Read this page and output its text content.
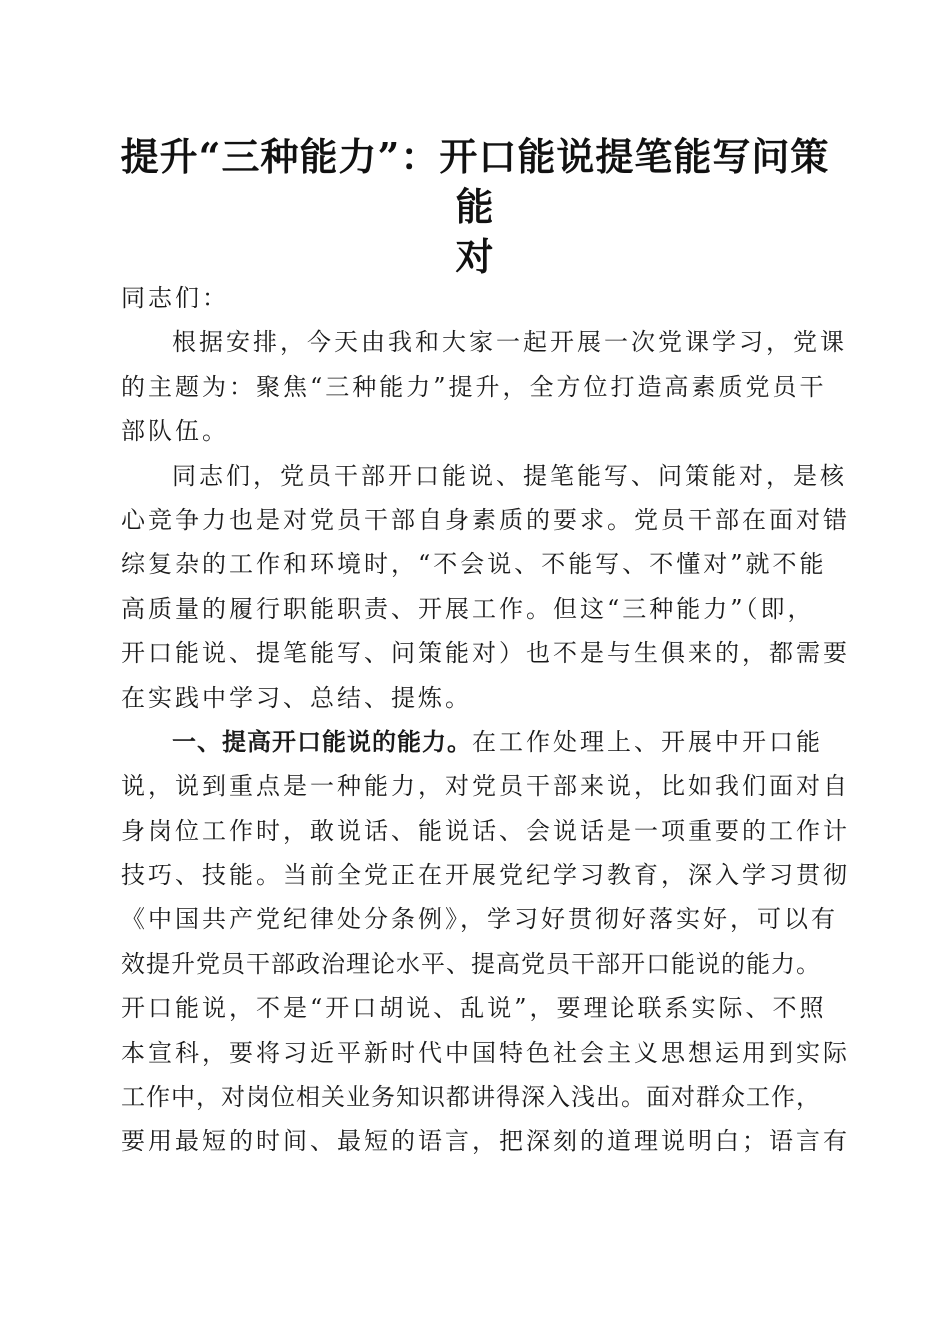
提升“三种能力”：开口能说提笔能写问策能
对
同志们：
根据安排，今天由我和大家一起开展一次党课学习，党课
的主题为：聚焦“三种能力”提升，全方位打造高素质党员干
部队伍。
同志们，党员干部开口能说、提笔能写、问策能对，是核
心竞争力也是对党员干部自身素质的要求。党员干部在面对错
综复杂的工作和环境时，“不会说、不能写、不懂对”就不能
高质量的履行职能职责、开展工作。但这“三种能力”（即，
开口能说、提笔能写、问策能对）也不是与生俱来的，都需要
在实践中学习、总结、提炼。
一、提高开口能说的能力。在工作处理上、开展中开口能
说，说到重点是一种能力，对党员干部来说，比如我们面对自
身岗位工作时，敢说话、能说话、会说话是一项重要的工作计
技巧、技能。当前全党正在开展党纪学习教育，深入学习贯彻
《中国共产党纪律处分条例》，学习好贯彻好落实好，可以有
效提升党员干部政治理论水平、提高党员干部开口能说的能力。
开口能说，不是“开口胡说、乱说”，要理论联系实际、不照
本宣科，要将习近平新时代中国特色社会主义思想运用到实际
工作中，对岗位相关业务知识都讲得深入浅出。面对群众工作，
要用最短的时间、最短的语言，把深刻的道理说明白；语言有
